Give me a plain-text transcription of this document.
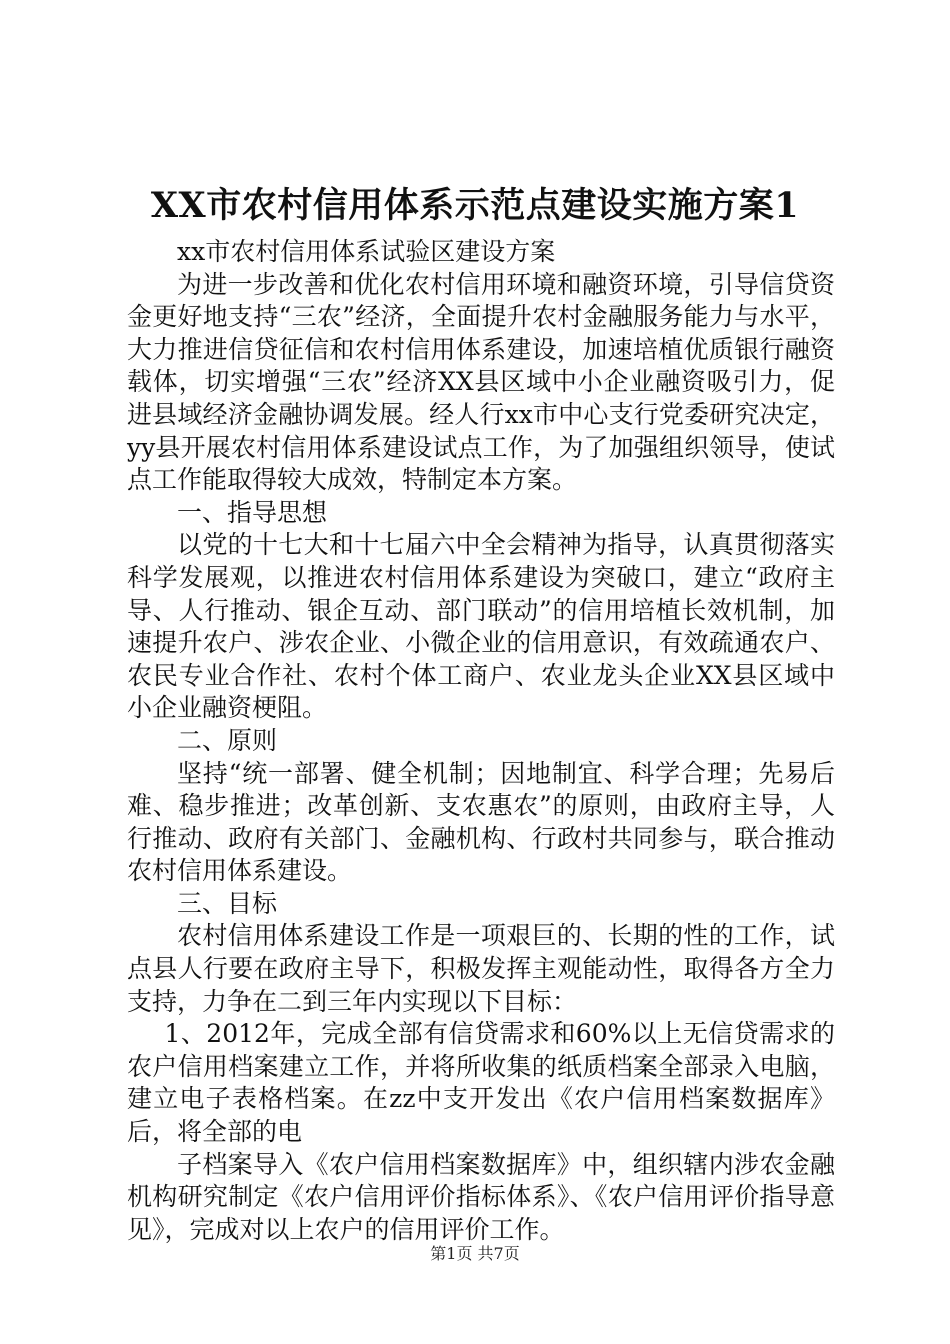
XX市农村信用体系示范点建设实施方案1

xx市农村信用体系试验区建设方案

为进一步改善和优化农村信用环境和融资环境，引导信贷资金更好地支持“三农”经济，全面提升农村金融服务能力与水平，大力推进信贷征信和农村信用体系建设，加速培植优质银行融资载体，切实增强“三农”经济XX县区域中小企业融资吸引力，促进县域经济金融协调发展。经人行xx市中心支行党委研究决定，yy县开展农村信用体系建设试点工作，为了加强组织领导，使试点工作能取得较大成效，特制定本方案。

一、指导思想

以党的十七大和十七届六中全会精神为指导，认真贯彻落实科学发展观，以推进农村信用体系建设为突破口，建立“政府主导、人行推动、银企互动、部门联动”的信用培植长效机制，加速提升农户、涉农企业、小微企业的信用意识，有效疏通农户、农民专业合作社、农村个体工商户、农业龙头企业XX县区域中小企业融资梗阻。

二、原则

坚持“统一部署、健全机制；因地制宜、科学合理；先易后难、稳步推进；改革创新、支农惠农”的原则，由政府主导，人行推动、政府有关部门、金融机构、行政村共同参与，联合推动农村信用体系建设。

三、目标

农村信用体系建设工作是一项艰巨的、长期的性的工作，试点县人行要在政府主导下，积极发挥主观能动性，取得各方全力支持，力争在二到三年内实现以下目标：

1、2012年，完成全部有信贷需求和60%以上无信贷需求的农户信用档案建立工作，并将所收集的纸质档案全部录入电脑，建立电子表格档案。在zz中支开发出《农户信用档案数据库》后，将全部的电

子档案导入《农户信用档案数据库》中，组织辖内涉农金融机构研究制定《农户信用评价指标体系》、《农户信用评价指导意见》，完成对以上农户的信用评价工作。

第1页 共7页
